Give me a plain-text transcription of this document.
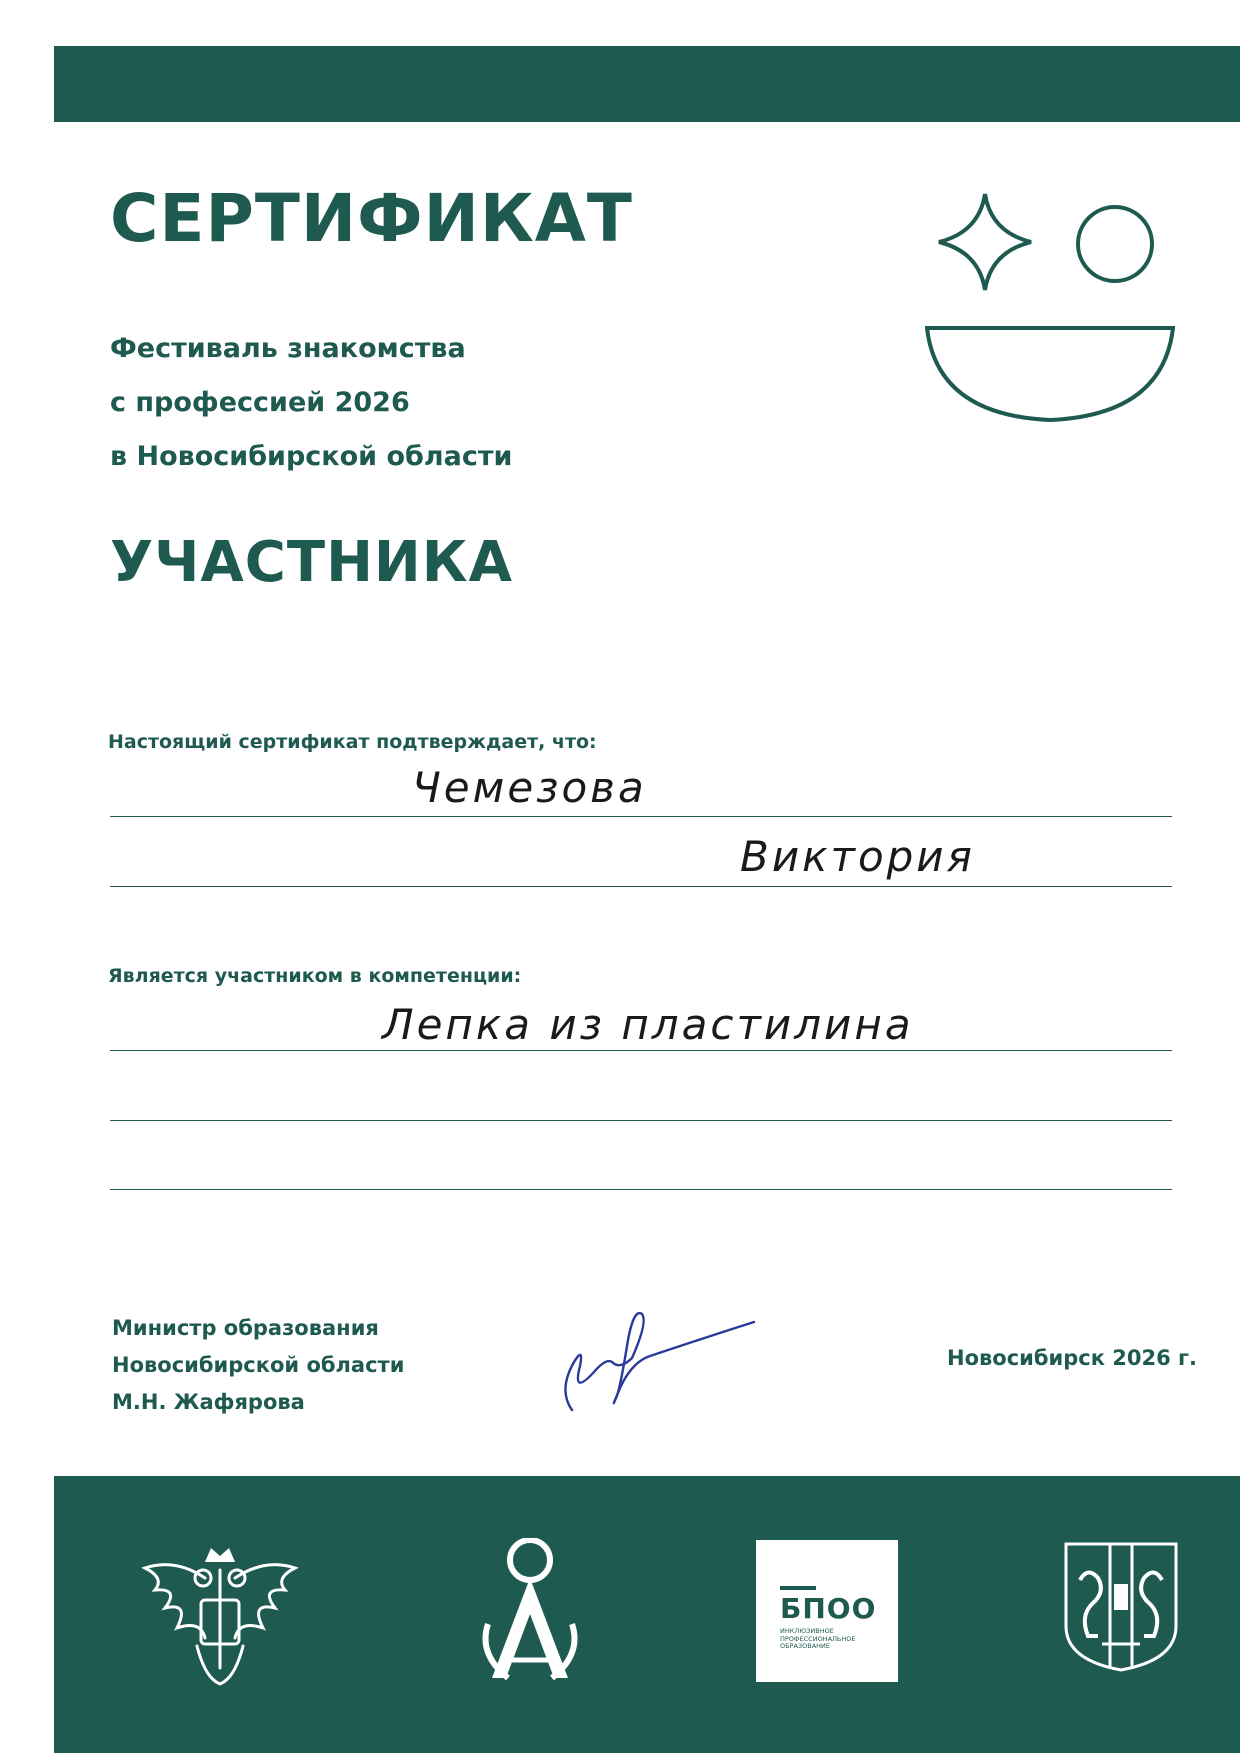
СЕРТИФИКАТ
Фестиваль знакомства
с профессией 2026
в Новосибирской области
УЧАСТНИКА
Настоящий сертификат подтверждает, что:
Чемезова
Виктория
Является участником в компетенции:
Лепка из пластилина
Министр образования
Новосибирской области
М.Н. Жафярова
Новосибирск 2026 г.
БПОО
ИНКЛЮЗИВНОЕ ПРОФЕССИОНАЛЬНОЕ ОБРАЗОВАНИЕ
